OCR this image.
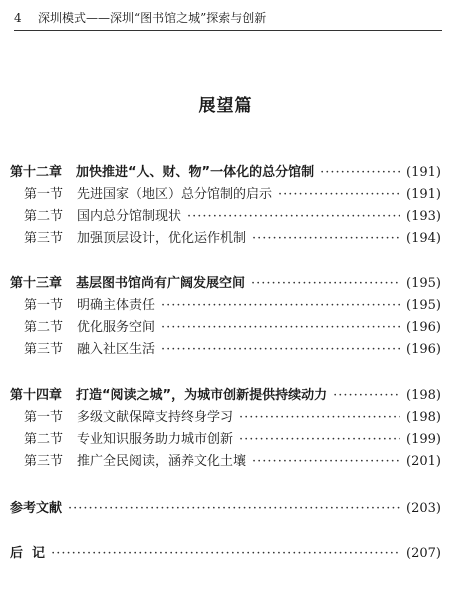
4 深圳模式——深圳“图书馆之城”探索与创新
展望篇
第十二章 加快推进“人、财、物”一体化的总分馆制 ·····	(191)
第一节 先进国家（地区）总分馆制的启示 ·····	(191)
第二节 国内总分馆制现状 ·····	(193)
第三节 加强顶层设计，优化运作机制 ·····	(194)
第十三章 基层图书馆尚有广阔发展空间 ·····	(195)
第一节 明确主体责任 ·····	(195)
第二节 优化服务空间 ·····	(196)
第三节 融入社区生活 ·····	(196)
第十四章 打造“阅读之城”，为城市创新提供持续动力 ·····	(198)
第一节 多级文献保障支持终身学习 ·····	(198)
第二节 专业知识服务助力城市创新 ·····	(199)
第三节 推广全民阅读，涵养文化土壤 ·····	(201)
参考文献 ·····	(203)
后  记 ·····	(207)
